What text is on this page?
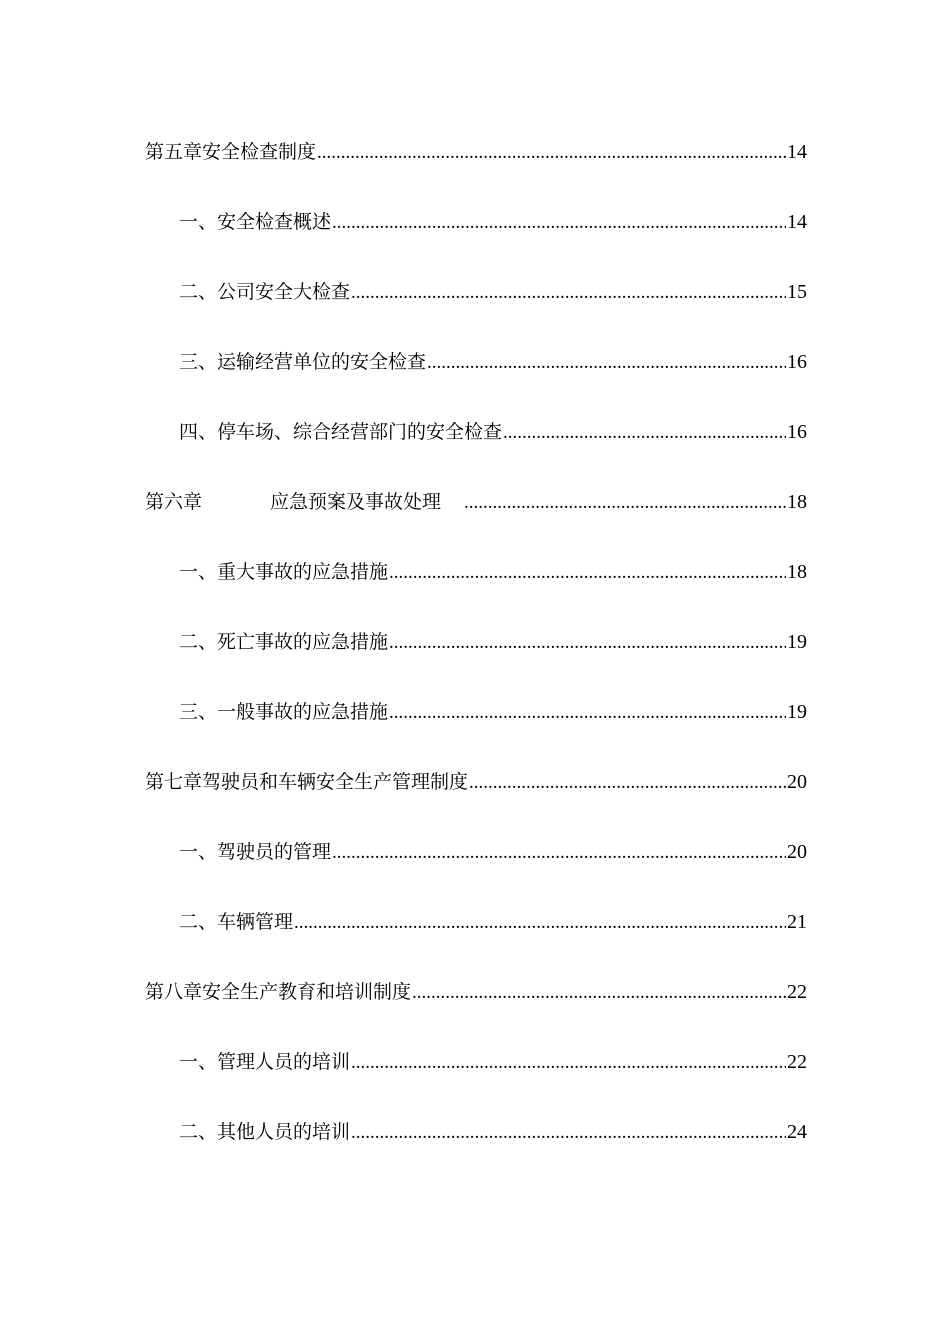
第五章安全检查制度 .....	14
一、安全检查概述 .....	14
二、公司安全大检查 .....	15
三、运输经营单位的安全检查 .....	16
四、停车场、综合经营部门的安全检查 .....	16
第六章	应急预案及事故处理 .....	18
一、重大事故的应急措施 .....	18
二、死亡事故的应急措施 .....	19
三、一般事故的应急措施 .....	19
第七章驾驶员和车辆安全生产管理制度 .....	20
一、驾驶员的管理 .....	20
二、车辆管理 .....	21
第八章安全生产教育和培训制度 .....	22
一、管理人员的培训 .....	22
二、其他人员的培训 .....	24
